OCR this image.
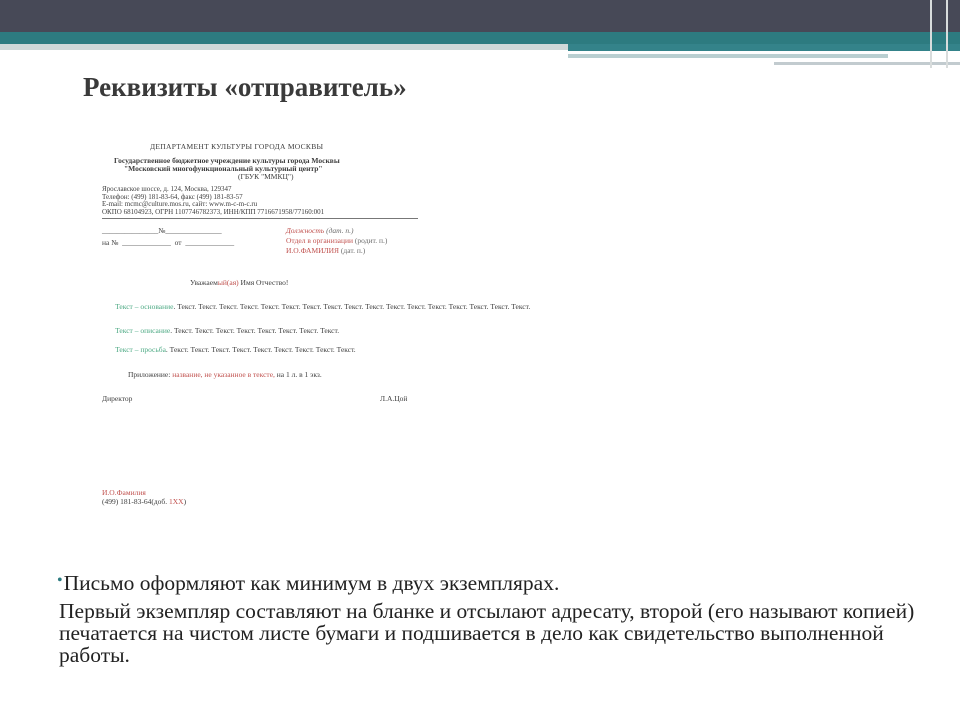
Реквизиты «отправитель»
ДЕПАРТАМЕНТ КУЛЬТУРЫ ГОРОДА МОСКВЫ
Государственное бюджетное учреждение культуры города Москвы
"Московский многофункциональный культурный центр"
(ГБУК "ММКЦ")
Ярославское шоссе, д. 124, Москва, 129347
Телефон: (499) 181-83-64, факс (499) 181-83-57
E-mail: mcmc@culture.mos.ru, сайт: www.m-c-m-c.ru
ОКПО 68104923, ОГРН 1107746782373, ИНН/КПП 7716671958/77160:001
_______________№_______________
на №  _____________  от  _____________
Должность (дат. п.)
Отдел в организации (родит. п.)
И.О.ФАМИЛИЯ (дат. п.)
Уважаемый(ая) Имя Отчество!
Текст – основание. Текст. Текст. Текст. Текст. Текст. Текст. Текст. Текст. Текст. Текст. Текст. Текст. Текст. Текст. Текст. Текст. Текст.
Текст – описание. Текст. Текст. Текст. Текст. Текст. Текст. Текст. Текст.
Текст – просьба. Текст. Текст. Текст. Текст. Текст. Текст. Текст. Текст. Текст.
Приложение: название, не указанное в тексте, на 1 л. в 1 экз.
Директор	Л.А.Цой
И.О.Фамилия
(499) 181-83-64(доб. 1ХХ)

•Письмо оформляют как минимум в двух экземплярах.

Первый экземпляр составляют на бланке и отсылают адресату, второй (его называют копией) печатается на чистом листе бумаги и подшивается в дело как свидетельство выполненной работы.
